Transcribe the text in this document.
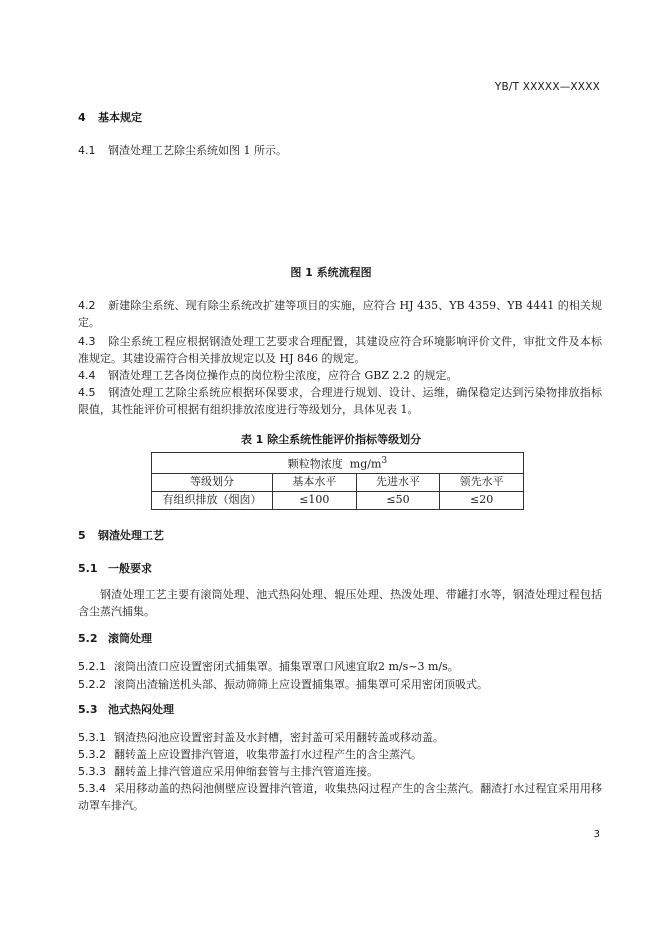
YB/T XXXXX—XXXX
4 基本规定
4.1 钢渣处理工艺除尘系统如图 1 所示。
图 1 系统流程图
4.2 新建除尘系统、现有除尘系统改扩建等项目的实施，应符合 HJ 435、YB 4359、YB 4441 的相关规定。
4.3 除尘系统工程应根据钢渣处理工艺要求合理配置，其建设应符合环境影响评价文件，审批文件及本标准规定。其建设需符合相关排放规定以及 HJ 846 的规定。
4.4 钢渣处理工艺各岗位操作点的岗位粉尘浓度，应符合 GBZ 2.2 的规定。
4.5 钢渣处理工艺除尘系统应根据环保要求，合理进行规划、设计、运维，确保稳定达到污染物排放指标限值，其性能评价可根据有组织排放浓度进行等级划分，具体见表 1。
表 1 除尘系统性能评价指标等级划分
颗粒物浓度 $mg/m^3$
等级划分	基本水平	先进水平	领先水平
有组织排放（烟囱）	≤100	≤50	≤20
5 钢渣处理工艺
5.1 一般要求
钢渣处理工艺主要有滚筒处理、池式热闷处理、辊压处理、热泼处理、带罐打水等，钢渣处理过程包括含尘蒸汽捕集。
5.2 滚筒处理
5.2.1 滚筒出渣口应设置密闭式捕集罩。捕集罩罩口风速宜取2 m/s~3 m/s。
5.2.2 滚筒出渣输送机头部、振动筛筛上应设置捕集罩。捕集罩可采用密闭顶吸式。
5.3 池式热闷处理
5.3.1 钢渣热闷池应设置密封盖及水封槽，密封盖可采用翻转盖或移动盖。
5.3.2 翻转盖上应设置排汽管道，收集带盖打水过程产生的含尘蒸汽。
5.3.3 翻转盖上排汽管道应采用伸缩套管与主排汽管道连接。
5.3.4 采用移动盖的热闷池侧壁应设置排汽管道，收集热闷过程产生的含尘蒸汽。翻渣打水过程宜采用用移动罩车排汽。
3
